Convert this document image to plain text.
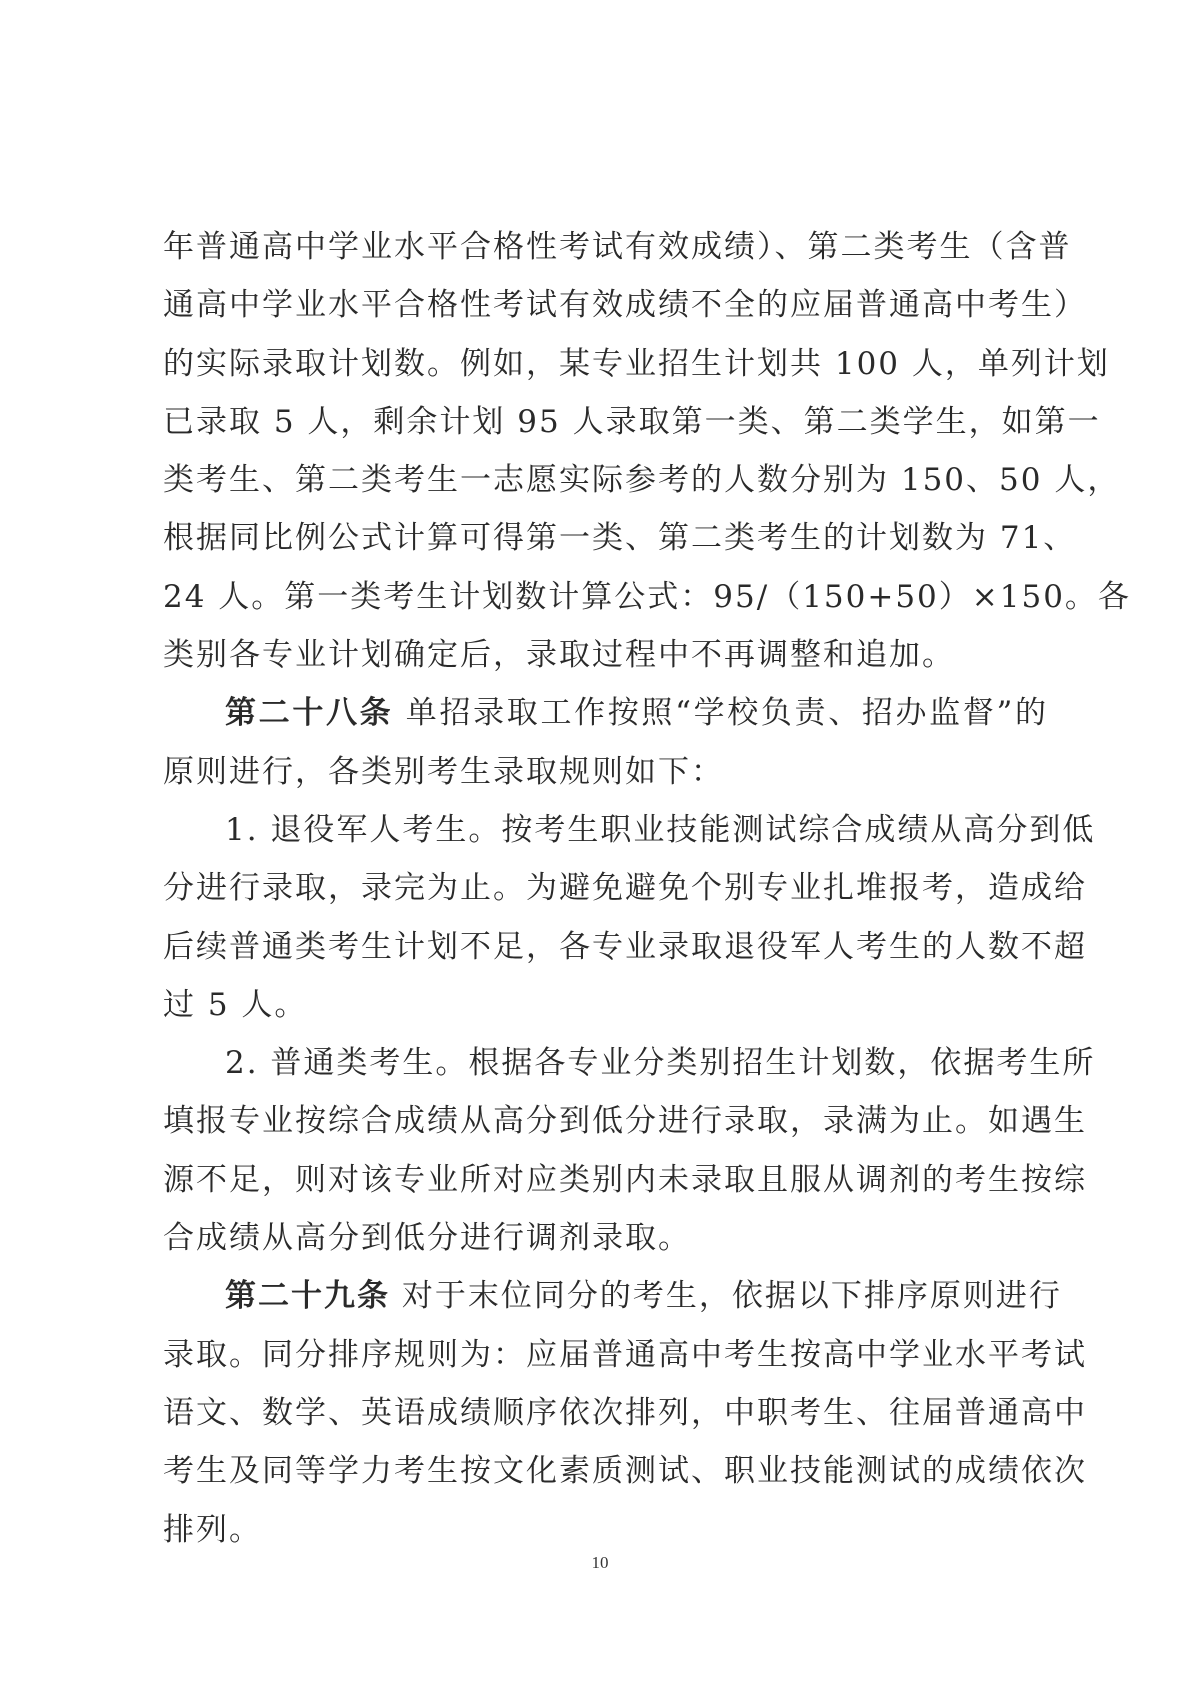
年普通高中学业水平合格性考试有效成绩）、第二类考生（含普

通高中学业水平合格性考试有效成绩不全的应届普通高中考生）

的实际录取计划数。例如，某专业招生计划共 100 人，单列计划

已录取 5 人，剩余计划 95 人录取第一类、第二类学生，如第一

类考生、第二类考生一志愿实际参考的人数分别为 150、50 人，

根据同比例公式计算可得第一类、第二类考生的计划数为 71、

24 人。第一类考生计划数计算公式：95/（150+50）×150。各

类别各专业计划确定后，录取过程中不再调整和追加。

第二十八条 单招录取工作按照“学校负责、招办监督”的

原则进行，各类别考生录取规则如下：

1. 退役军人考生。按考生职业技能测试综合成绩从高分到低

分进行录取，录完为止。为避免避免个别专业扎堆报考，造成给

后续普通类考生计划不足，各专业录取退役军人考生的人数不超

过 5 人。

2. 普通类考生。根据各专业分类别招生计划数，依据考生所

填报专业按综合成绩从高分到低分进行录取，录满为止。如遇生

源不足，则对该专业所对应类别内未录取且服从调剂的考生按综

合成绩从高分到低分进行调剂录取。

第二十九条 对于末位同分的考生，依据以下排序原则进行

录取。同分排序规则为：应届普通高中考生按高中学业水平考试

语文、数学、英语成绩顺序依次排列，中职考生、往届普通高中

考生及同等学力考生按文化素质测试、职业技能测试的成绩依次

排列。

10
